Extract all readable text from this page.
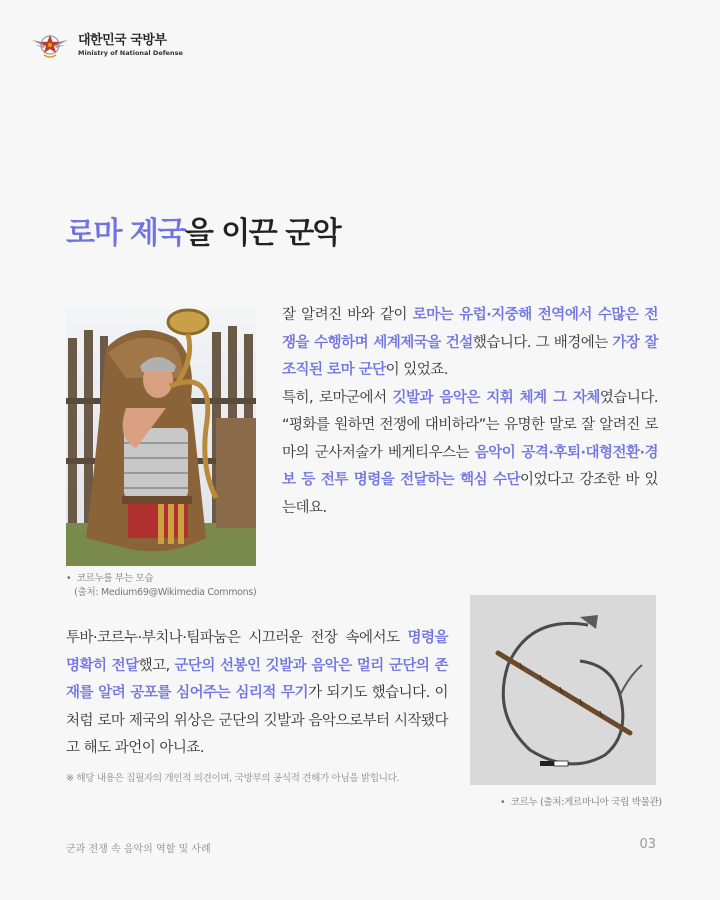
대한민국 국방부
Ministry of National Defense
로마 제국을 이끈 군악
• 코르누를 부는 모습
(출처: Medium69@Wikimedia Commons)
잘 알려진 바와 같이 로마는 유럽·지중해 전역에서 수많은 전쟁을 수행하며 세계제국을 건설했습니다. 그 배경에는 가장 잘 조직된 로마 군단이 있었죠.
특히, 로마군에서 깃발과 음악은 지휘 체계 그 자체였습니다. “평화를 원하면 전쟁에 대비하라”는 유명한 말로 잘 알려진 로마의 군사저술가 베게티우스는 음악이 공격·후퇴·대형전환·경보 등 전투 명령을 전달하는 핵심 수단이었다고 강조한 바 있는데요.
• 코르누 (출처:게르마니아 국립 박물관)
투바·코르누·부치나·팀파눔은 시끄러운 전장 속에서도 명령을 명확히 전달했고, 군단의 선봉인 깃발과 음악은 멀리 군단의 존재를 알려 공포를 심어주는 심리적 무기가 되기도 했습니다. 이처럼 로마 제국의 위상은 군단의 깃발과 음악으로부터 시작됐다고 해도 과언이 아니죠.
※ 해당 내용은 집필자의 개인적 의견이며, 국방부의 공식적 견해가 아님을 밝힙니다.
군과 전쟁 속 음악의 역할 및 사례	03
